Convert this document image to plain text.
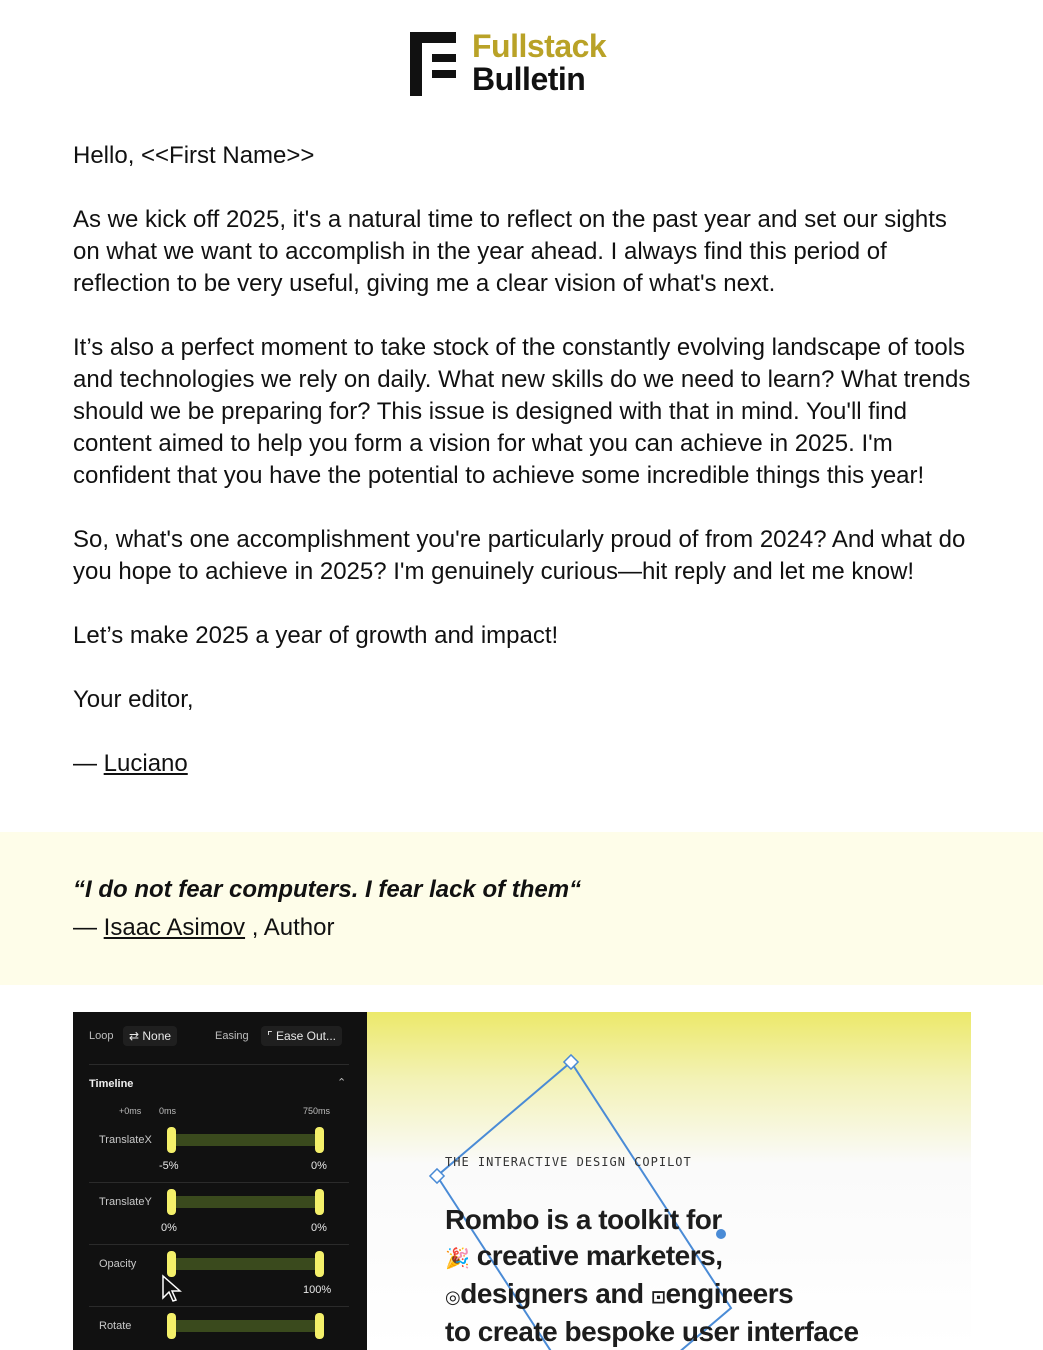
Fullstack
Bulletin

Hello, <<First Name>>

As we kick off 2025, it's a natural time to reflect on the past year and set our sights on what we want to accomplish in the year ahead. I always find this period of reflection to be very useful, giving me a clear vision of what's next.

It’s also a perfect moment to take stock of the constantly evolving landscape of tools and technologies we rely on daily. What new skills do we need to learn? What trends should we be preparing for? This issue is designed with that in mind. You'll find content aimed to help you form a vision for what you can achieve in 2025. I'm confident that you have the potential to achieve some incredible things this year!

So, what's one accomplishment you're particularly proud of from 2024? And what do you hope to achieve in 2025? I'm genuinely curious—hit reply and let me know!

Let’s make 2025 a year of growth and impact!

Your editor,

— Luciano

“I do not fear computers. I fear lack of them“
— Isaac Asimov , Author
Loop	⇄ None	Easing	⌜ Ease Out...
Timeline	⌃
+0ms 0ms	750ms
TranslateX
-5%	0%
TranslateY
0%	0%
Opacity
100%
Rotate
THE INTERACTIVE DESIGN COPILOT
Rombo is a toolkit for
🎉 creative marketers,
◎designers and ⊡engineers
to create bespoke user interface
